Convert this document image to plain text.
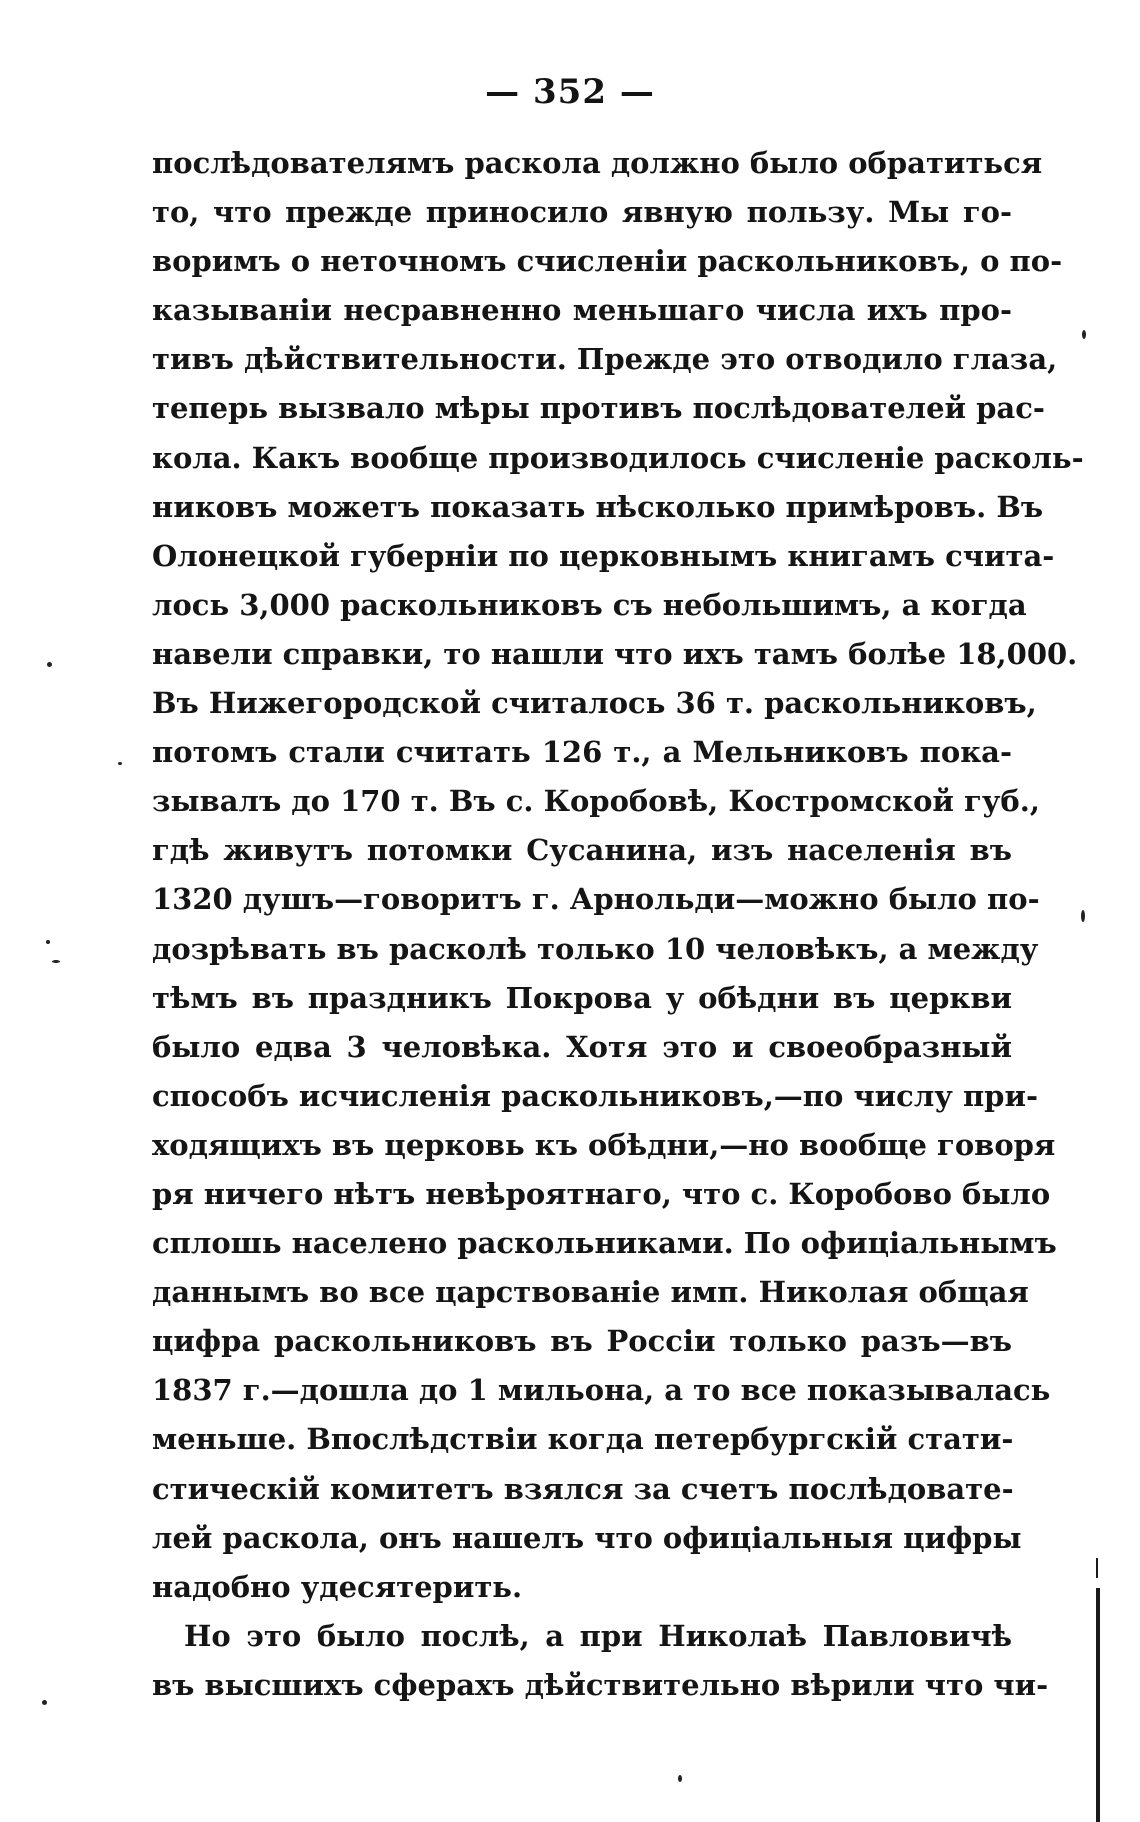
— 352 —
послѣдователямъ раскола должно было обратиться
то, что прежде приносило явную пользу. Мы го-
воримъ о неточномъ счисленіи раскольниковъ, о по-
казываніи несравненно меньшаго числа ихъ про-
тивъ дѣйствительности. Прежде это отводило глаза,
теперь вызвало мѣры противъ послѣдователей рас-
кола. Какъ вообще производилось счисленіе расколь-
никовъ можетъ показать нѣсколько примѣровъ. Въ
Олонецкой губерніи по церковнымъ книгамъ счита-
лось 3,000 раскольниковъ съ небольшимъ, а когда
навели справки, то нашли что ихъ тамъ болѣе 18,000.
Въ Нижегородской считалось 36 т. раскольниковъ,
потомъ стали считать 126 т., а Мельниковъ пока-
зывалъ до 170 т. Въ с. Коробовѣ, Костромской губ.,
гдѣ живутъ потомки Сусанина, изъ населенія въ
1320 душъ—говоритъ г. Арнольди—можно было по-
дозрѣвать въ расколѣ только 10 человѣкъ, а между
тѣмъ въ праздникъ Покрова у обѣдни въ церкви
было едва 3 человѣка. Хотя это и своеобразный
способъ исчисленія раскольниковъ,—по числу при-
ходящихъ въ церковь къ обѣдни,—но вообще говоря
ря ничего нѣтъ невѣроятнаго, что с. Коробово было
сплошь населено раскольниками. По офиціальнымъ
даннымъ во все царствованіе имп. Николая общая
цифра раскольниковъ въ Россіи только разъ—въ
1837 г.—дошла до 1 мильона, а то все показывалась
меньше. Впослѣдствіи когда петербургскій стати-
стическій комитетъ взялся за счетъ послѣдовате-
лей раскола, онъ нашелъ что офиціальныя цифры
надобно удесятерить.
Но это было послѣ, а при Николаѣ Павловичѣ
въ высшихъ сферахъ дѣйствительно вѣрили что чи-
